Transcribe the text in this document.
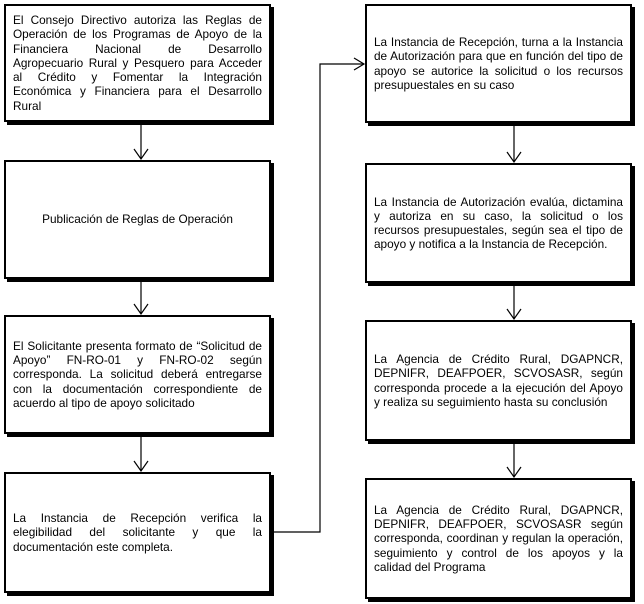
El Consejo Directivo autoriza las Reglas de Operación de los Programas de Apoyo de la Financiera Nacional de Desarrollo Agropecuario Rural y Pesquero para Acceder al Crédito y Fomentar la Integración Económica y Financiera para el Desarrollo Rural
Publicación de Reglas de Operación
El Solicitante presenta formato de “Solicitud de Apoyo” FN-RO-01 y FN-RO-02 según corresponda. La solicitud deberá entregarse con la documentación correspondiente de acuerdo al tipo de apoyo solicitado
La Instancia de Recepción verifica la elegibilidad del solicitante y que la documentación este completa.
La Instancia de Recepción, turna a la Instancia de Autorización para que en función del tipo de apoyo se autorice la solicitud o los recursos presupuestales en su caso
La Instancia de Autorización evalúa, dictamina y autoriza en su caso, la solicitud o los recursos presupuestales, según sea el tipo de apoyo y notifica a la Instancia de Recepción.
La Agencia de Crédito Rural, DGAPNCR, DEPNIFR, DEAFPOER, SCVOSASR, según corresponda procede a la ejecución del Apoyo y realiza su seguimiento hasta su conclusión
La Agencia de Crédito Rural, DGAPNCR, DEPNIFR, DEAFPOER, SCVOSASR según corresponda, coordinan y regulan la operación, seguimiento y control de los apoyos y la calidad del Programa
